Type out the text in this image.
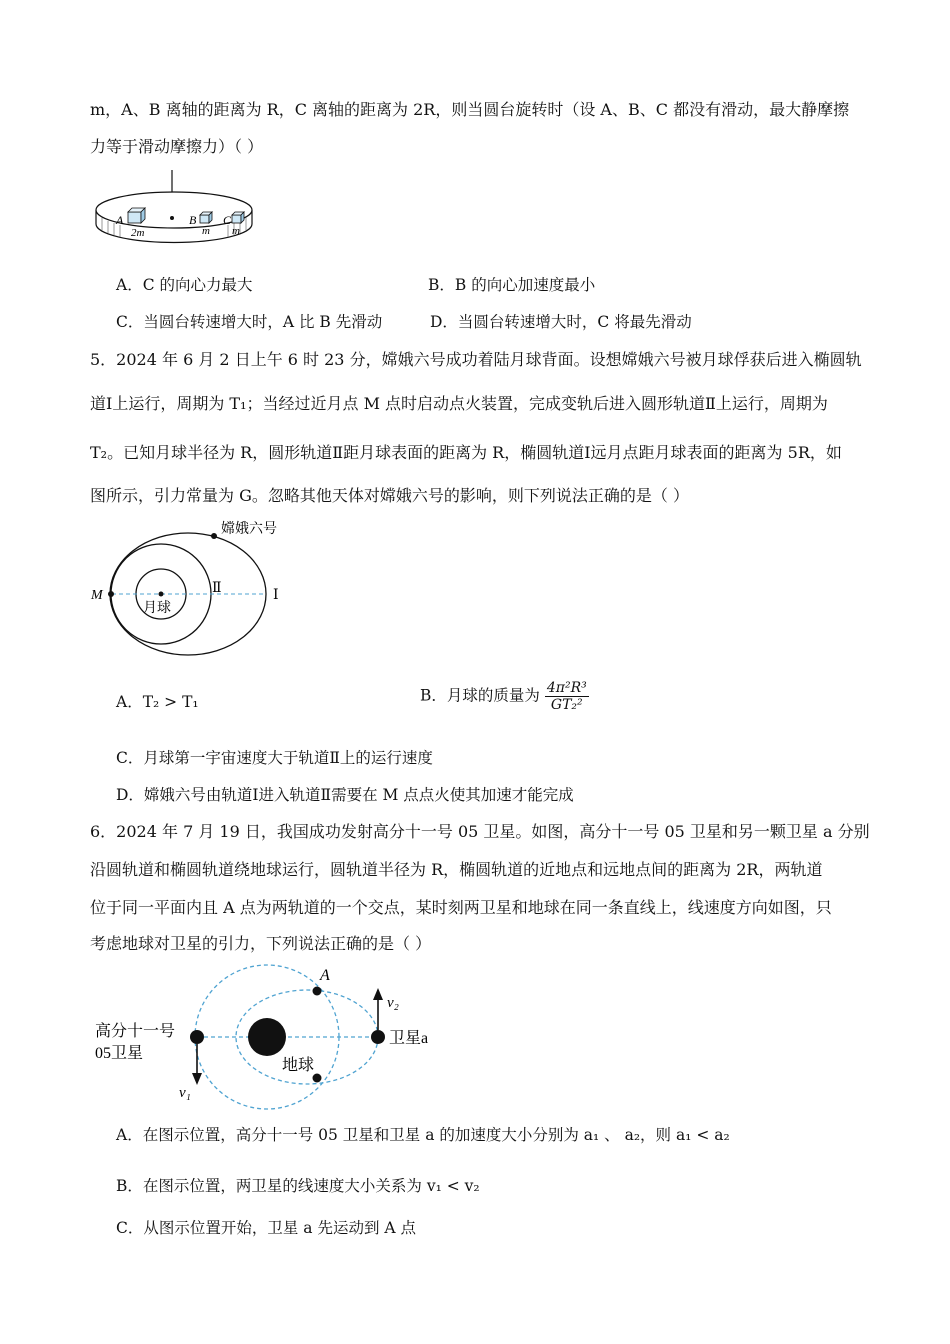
m，A、B 离轴的距离为 R，C 离轴的距离为 2R，则当圆台旋转时（设 A、B、C 都没有滑动，最大静摩擦
力等于滑动摩擦力）（ ）
A
2m
B
m
C
m
A．C 的向心力最大	B．B 的向心加速度最小
C．当圆台转速增大时，A 比 B 先滑动	D．当圆台转速增大时，C 将最先滑动
5．2024 年 6 月 2 日上午 6 时 23 分，嫦娥六号成功着陆月球背面。设想嫦娥六号被月球俘获后进入椭圆轨
道Ⅰ上运行，周期为 T₁；当经过近月点 M 点时启动点火装置，完成变轨后进入圆形轨道Ⅱ上运行，周期为
T₂。已知月球半径为 R，圆形轨道Ⅱ距月球表面的距离为 R，椭圆轨道Ⅰ远月点距月球表面的距离为 5R，如
图所示，引力常量为 G。忽略其他天体对嫦娥六号的影响，则下列说法正确的是（ ）
嫦娥六号
月球
M	Ⅱ	Ⅰ
A．T₂ > T₁	B．月球的质量为 $\frac{\text{4π²R³}}{\text{GT₂²}}$
C．月球第一宇宙速度大于轨道Ⅱ上的运行速度
D．嫦娥六号由轨道Ⅰ进入轨道Ⅱ需要在 M 点点火使其加速才能完成
6．2024 年 7 月 19 日，我国成功发射高分十一号 05 卫星。如图，高分十一号 05 卫星和另一颗卫星 a 分别
沿圆轨道和椭圆轨道绕地球运行，圆轨道半径为 R，椭圆轨道的近地点和远地点间的距离为 2R，两轨道
位于同一平面内且 A 点为两轨道的一个交点，某时刻两卫星和地球在同一条直线上，线速度方向如图，只
考虑地球对卫星的引力，下列说法正确的是（ ）
高分十一号
05卫星
卫星a
地球
A
v₁
v₂
A．在图示位置，高分十一号 05 卫星和卫星 a 的加速度大小分别为 a₁ 、 a₂，则 a₁ < a₂
B．在图示位置，两卫星的线速度大小关系为 v₁ < v₂
C．从图示位置开始，卫星 a 先运动到 A 点
